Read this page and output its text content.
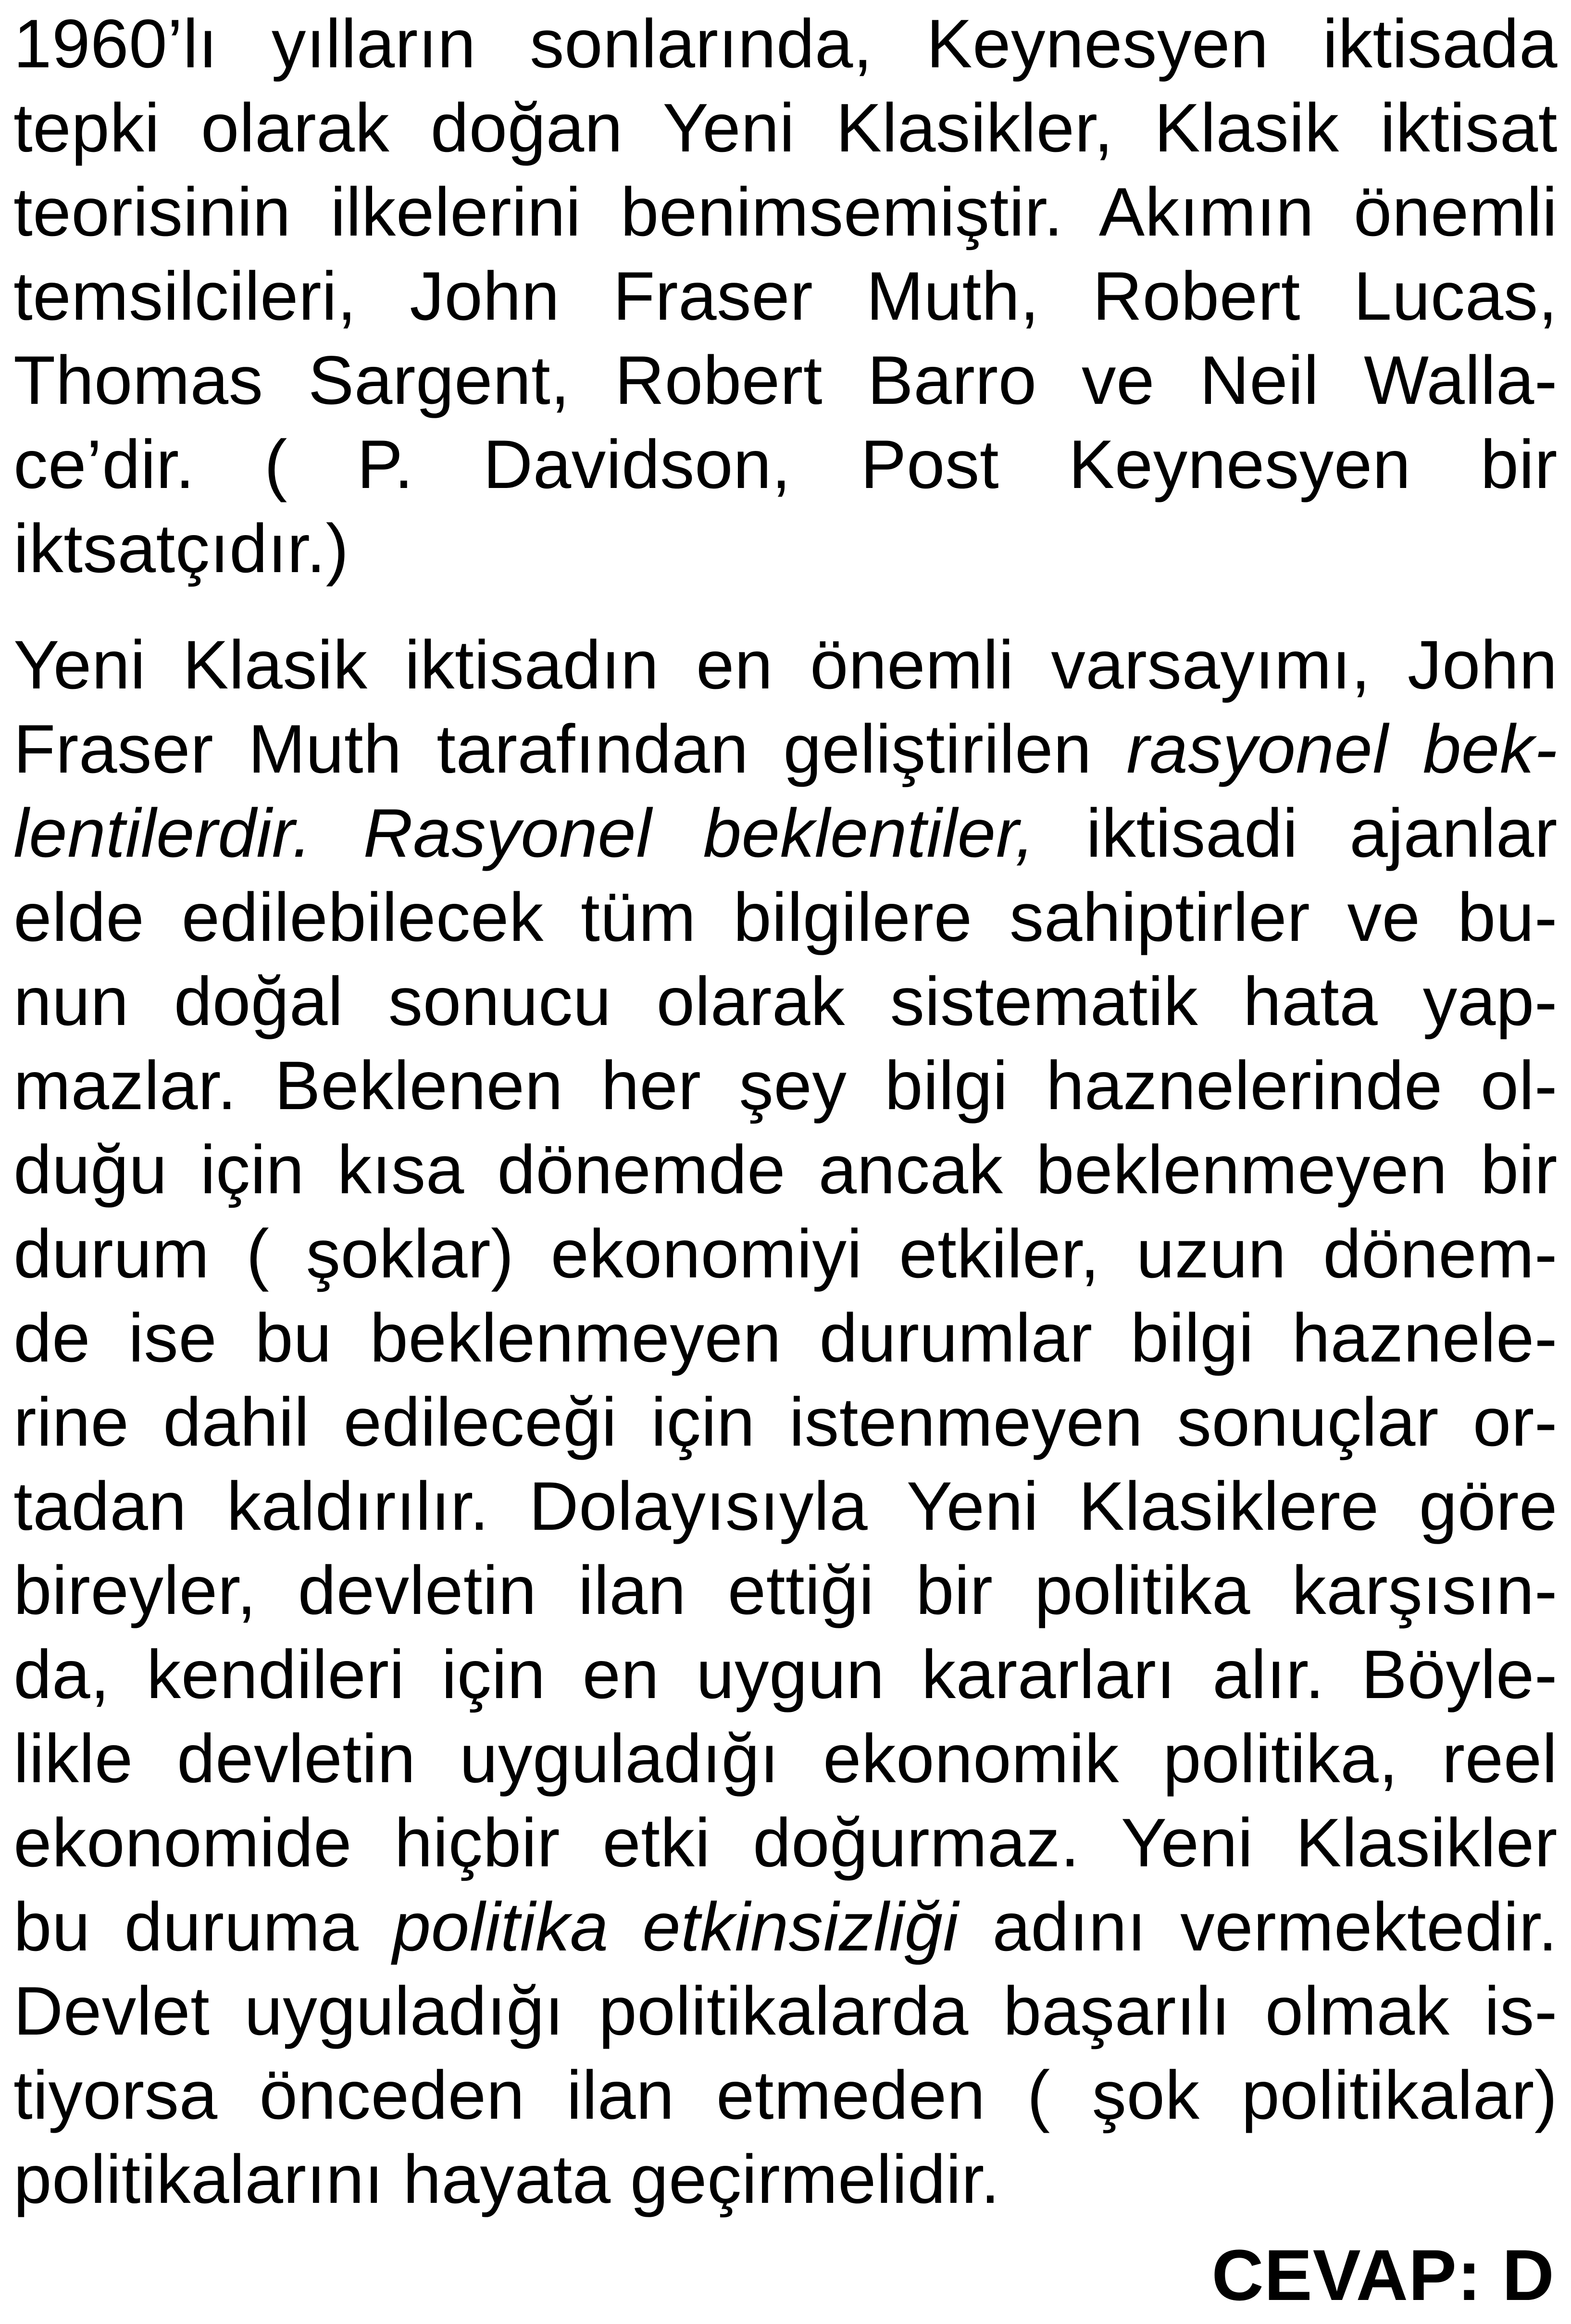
1960’lı yılların sonlarında, Keynesyen iktisada
tepki olarak doğan Yeni Klasikler, Klasik iktisat
teorisinin ilkelerini benimsemiştir. Akımın önemli
temsilcileri, John Fraser Muth, Robert Lucas,
Thomas Sargent, Robert Barro ve Neil Walla-
ce’dir. ( P. Davidson, Post Keynesyen bir
iktsatçıdır.)

Yeni Klasik iktisadın en önemli varsayımı, John
Fraser Muth tarafından geliştirilen rasyonel bek-
lentilerdir. Rasyonel beklentiler, iktisadi ajanlar
elde edilebilecek tüm bilgilere sahiptirler ve bu-
nun doğal sonucu olarak sistematik hata yap-
mazlar. Beklenen her şey bilgi haznelerinde ol-
duğu için kısa dönemde ancak beklenmeyen bir
durum ( şoklar) ekonomiyi etkiler, uzun dönem-
de ise bu beklenmeyen durumlar bilgi haznele-
rine dahil edileceği için istenmeyen sonuçlar or-
tadan kaldırılır. Dolayısıyla Yeni Klasiklere göre
bireyler, devletin ilan ettiği bir politika karşısın-
da, kendileri için en uygun kararları alır. Böyle-
likle devletin uyguladığı ekonomik politika, reel
ekonomide hiçbir etki doğurmaz. Yeni Klasikler
bu duruma politika etkinsizliği adını vermektedir.
Devlet uyguladığı politikalarda başarılı olmak is-
tiyorsa önceden ilan etmeden ( şok politikalar)
politikalarını hayata geçirmelidir.

CEVAP: D
